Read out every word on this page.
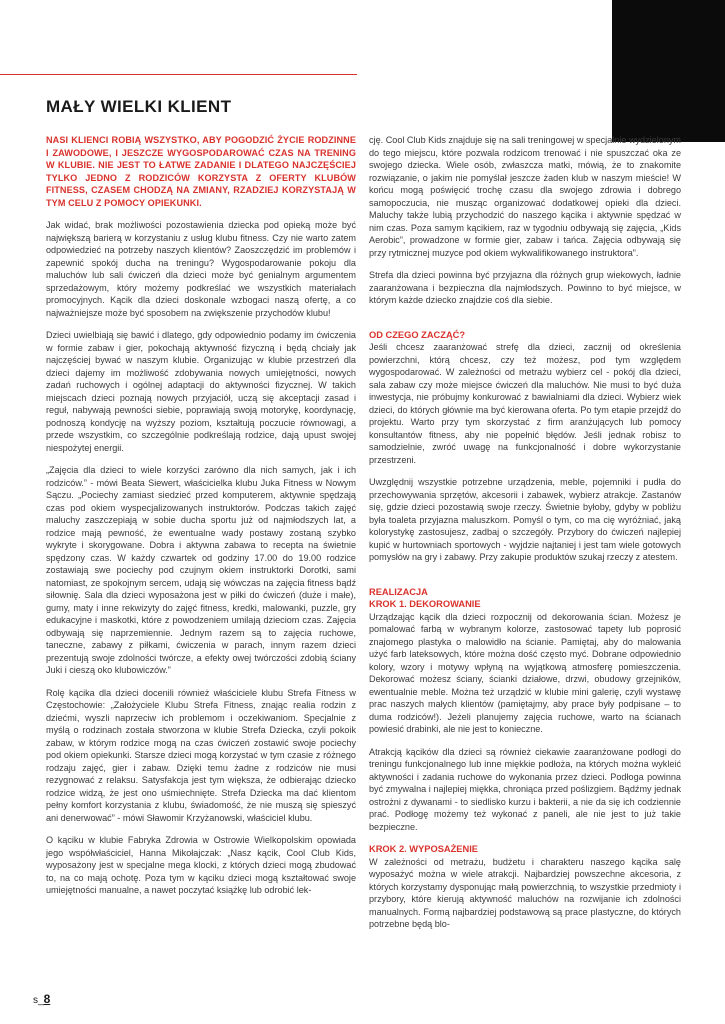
MAŁY WIELKI KLIENT

NASI KLIENCI ROBIĄ WSZYSTKO, ABY POGODZIĆ ŻYCIE RODZINNE I ZAWODOWE, I JESZCZE WYGOSPODAROWAĆ CZAS NA TRENING W KLUBIE. NIE JEST TO ŁATWE ZADANIE I DLATEGO NAJCZĘŚCIEJ TYLKO JEDNO Z RODZICÓW KORZYSTA Z OFERTY KLUBÓW FITNESS, CZASEM CHODZĄ NA ZMIANY, RZADZIEJ KORZYSTAJĄ W TYM CELU Z POMOCY OPIEKUNKI.

Jak widać, brak możliwości pozostawienia dziecka pod opieką może być największą barierą w korzystaniu z usług klubu fitness. Czy nie warto zatem odpowiedzieć na potrzeby naszych klientów? Zaoszczędzić im problemów i zapewnić spokój ducha na treningu? Wygospodarowanie pokoju dla maluchów lub sali ćwiczeń dla dzieci może być genialnym argumentem sprzedażowym, który możemy podkreślać we wszystkich materiałach promocyjnych. Kącik dla dzieci doskonale wzbogaci naszą ofertę, a co najważniejsze może być sposobem na zwiększenie przychodów klubu!

Dzieci uwielbiają się bawić i dlatego, gdy odpowiednio podamy im ćwiczenia w formie zabaw i gier, pokochają aktywność fizyczną i będą chciały jak najczęściej bywać w naszym klubie. Organizując w klubie przestrzeń dla dzieci dajemy im możliwość zdobywania nowych umiejętności, nowych zadań ruchowych i ogólnej adaptacji do aktywności fizycznej. W takich miejscach dzieci poznają nowych przyjaciół, uczą się akceptacji zasad i reguł, nabywają pewności siebie, poprawiają swoją motorykę, koordynację, podnoszą kondycję na wyższy poziom, kształtują poczucie równowagi, a przede wszystkim, co szczególnie podkreślają rodzice, dają upust swojej niespożytej energii.

„Zajęcia dla dzieci to wiele korzyści zarówno dla nich samych, jak i ich rodziców.” - mówi Beata Siewert, właścicielka klubu Juka Fitness w Nowym Sączu. „Pociechy zamiast siedzieć przed komputerem, aktywnie spędzają czas pod okiem wyspecjalizowanych instruktorów. Podczas takich zajęć maluchy zaszczepiają w sobie ducha sportu już od najmłodszych lat, a rodzice mają pewność, że ewentualne wady postawy zostaną szybko wykryte i skorygowane. Dobra i aktywna zabawa to recepta na świetnie spędzony czas. W każdy czwartek od godziny 17.00 do 19.00 rodzice zostawiają swe pociechy pod czujnym okiem instruktorki Dorotki, sami natomiast, ze spokojnym sercem, udają się wówczas na zajęcia fitness bądź siłownię. Sala dla dzieci wyposażona jest w piłki do ćwiczeń (duże i małe), gumy, maty i inne rekwizyty do zajęć fitness, kredki, malowanki, puzzle, gry edukacyjne i maskotki, które z powodzeniem umilają dzieciom czas. Zajęcia odbywają się naprzemiennie. Jednym razem są to zajęcia ruchowe, taneczne, zabawy z piłkami, ćwiczenia w parach, innym razem dzieci prezentują swoje zdolności twórcze, a efekty owej twórczości zdobią ściany Juki i cieszą oko klubowiczów.”

Rolę kącika dla dzieci docenili również właściciele klubu Strefa Fitness w Częstochowie: „Założyciele Klubu Strefa Fitness, znając realia rodzin z dziećmi, wyszli naprzeciw ich problemom i oczekiwaniom. Specjalnie z myślą o rodzinach została stworzona w klubie Strefa Dziecka, czyli pokoik zabaw, w którym rodzice mogą na czas ćwiczeń zostawić swoje pociechy pod okiem opiekunki. Starsze dzieci mogą korzystać w tym czasie z różnego rodzaju zajęć, gier i zabaw. Dzięki temu żadne z rodziców nie musi rezygnować z relaksu. Satysfakcja jest tym większa, że odbierając dziecko rodzice widzą, że jest ono uśmiechnięte. Strefa Dziecka ma dać klientom pełny komfort korzystania z klubu, świadomość, że nie muszą się spieszyć ani denerwować” - mówi Sławomir Krzyżanowski, właściciel klubu.

O kąciku w klubie Fabryka Zdrowia w Ostrowie Wielkopolskim opowiada jego współwłaściciel, Hanna Mikołajczak: „Nasz kącik, Cool Club Kids, wyposażony jest w specjalne mega klocki, z których dzieci mogą zbudować to, na co mają ochotę. Poza tym w kąciku dzieci mogą kształtować swoje umiejętności manualne, a nawet poczytać książkę lub odrobić lek-

cję. Cool Club Kids znajduje się na sali treningowej w specjalnie wydzielonym do tego miejscu, które pozwala rodzicom trenować i nie spuszczać oka ze swojego dziecka. Wiele osób, zwłaszcza matki, mówią, że to znakomite rozwiązanie, o jakim nie pomyślał jeszcze żaden klub w naszym mieście! W końcu mogą poświęcić trochę czasu dla swojego zdrowia i dobrego samopoczucia, nie musząc organizować dodatkowej opieki dla dzieci. Maluchy także lubią przychodzić do naszego kącika i aktywnie spędzać w nim czas. Poza samym kącikiem, raz w tygodniu odbywają się zajęcia, „Kids Aerobic”, prowadzone w formie gier, zabaw i tańca. Zajęcia odbywają się przy rytmicznej muzyce pod okiem wykwalifikowanego instruktora”.

Strefa dla dzieci powinna być przyjazna dla różnych grup wiekowych, ładnie zaaranżowana i bezpieczna dla najmłodszych. Powinno to być miejsce, w którym każde dziecko znajdzie coś dla siebie.

OD CZEGO ZACZĄĆ?

Jeśli chcesz zaaranżować strefę dla dzieci, zacznij od określenia powierzchni, którą chcesz, czy też możesz, pod tym względem wygospodarować. W zależności od metrażu wybierz cel - pokój dla dzieci, sala zabaw czy może miejsce ćwiczeń dla maluchów. Nie musi to być duża inwestycja, nie próbujmy konkurować z bawialniami dla dzieci. Wybierz wiek dzieci, do których głównie ma być kierowana oferta. Po tym etapie przejdź do projektu. Warto przy tym skorzystać z firm aranżujących lub pomocy konsultantów fitness, aby nie popełnić błędów. Jeśli jednak robisz to samodzielnie, zwróć uwagę na funkcjonalność i dobre wykorzystanie przestrzeni.

Uwzględnij wszystkie potrzebne urządzenia, meble, pojemniki i pudła do przechowywania sprzętów, akcesorii i zabawek, wybierz atrakcje. Zastanów się, gdzie dzieci pozostawią swoje rzeczy. Świetnie byłoby, gdyby w pobliżu była toaleta przyjazna maluszkom. Pomyśl o tym, co ma cię wyróżniać, jaką kolorystykę zastosujesz, zadbaj o szczegóły. Przybory do ćwiczeń najlepiej kupić w hurtowniach sportowych - wyjdzie najtaniej i jest tam wiele gotowych pomysłów na gry i zabawy. Przy zakupie produktów szukaj rzeczy z atestem.

REALIZACJA
KROK 1. DEKOROWANIE

Urządzając kącik dla dzieci rozpocznij od dekorowania ścian. Możesz je pomalować farbą w wybranym kolorze, zastosować tapety lub poprosić znajomego plastyka o malowidło na ścianie. Pamiętaj, aby do malowania użyć farb lateksowych, które można dość często myć. Dobrane odpowiednio kolory, wzory i motywy wpłyną na wyjątkową atmosferę pomieszczenia. Dekorować możesz ściany, ścianki działowe, drzwi, obudowy grzejników, ewentualnie meble. Można też urządzić w klubie mini galerię, czyli wystawę prac naszych małych klientów (pamiętajmy, aby prace były podpisane – to duma rodziców!). Jeżeli planujemy zajęcia ruchowe, warto na ścianach powiesić drabinki, ale nie jest to konieczne.

Atrakcją kącików dla dzieci są również ciekawie zaaranżowane podłogi do treningu funkcjonalnego lub inne miękkie podłoża, na których można wykleić aktywności i zadania ruchowe do wykonania przez dzieci. Podłoga powinna być zmywalna i najlepiej miękka, chroniąca przed poślizgiem. Bądźmy jednak ostrożni z dywanami - to siedlisko kurzu i bakterii, a nie da się ich codziennie prać. Podłogę możemy też wykonać z paneli, ale nie jest to już takie bezpieczne.

KROK 2. WYPOSAŻENIE

W zależności od metrażu, budżetu i charakteru naszego kącika salę wyposażyć można w wiele atrakcji. Najbardziej powszechne akcesoria, z których korzystamy dysponując małą powierzchnią, to wszystkie przedmioty i przybory, które kierują aktywność maluchów na rozwijanie ich zdolności manualnych. Formą najbardziej podstawową są prace plastyczne, do których potrzebne będą blo-

s_8
